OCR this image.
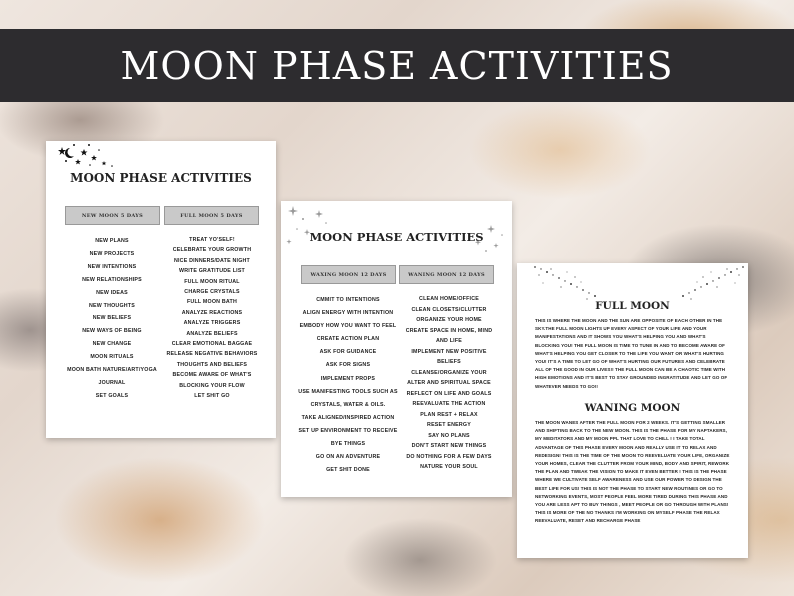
MOON PHASE ACTIVITIES
MOON PHASE ACTIVITIES
NEW MOON 5 DAYS	FULL MOON 5 DAYS
NEW PLANS
NEW PROJECTS
NEW INTENTIONS
NEW RELATIONSHIPS
NEW IDEAS
NEW THOUGHTS
NEW BELIEFS
NEW WAYS OF BEING
NEW CHANGE
MOON RITUALS
MOON BATH NATURE/ART/YOGA
JOURNAL
SET GOALS
TREAT YO'SELF!
CELEBRATE YOUR GROWTH
NICE DINNERS/DATE NIGHT
WRITE GRATITUDE LIST
FULL MOON RITUAL
CHARGE CRYSTALS
FULL MOON BATH
ANALYZE REACTIONS
ANALYZE TRIGGERS
ANALYZE BELIEFS
CLEAR EMOTIONAL BAGGAE
RELEASE NEGATIVE BEHAVIORS
THOUGHTS AND BELIEFS
BECOME AWARE OF WHAT'S
BLOCKING YOUR FLOW
LET SHIT GO
MOON PHASE ACTIVITIES
WAXING MOON 12 DAYS	WANING MOON 12 DAYS
CMMIT TO INTENTIONS
ALIGN ENERGY WITH INTENTION
EMBODY HOW YOU WANT TO FEEL
CREATE ACTION PLAN
ASK FOR GUIDANCE
ASK FOR SIGNS
IMPLEMENT PROPS
USE MANIFESTING TOOLS SUCH AS
CRYSTALS, WATER & OILS.
TAKE ALIGNED/INSPIRED ACTION
SET UP ENVIRONMENT TO RECEIVE
BYE THINGS
GO ON AN ADVENTURE
GET SHIT DONE
CLEAN HOME/OFFICE
CLEAN CLOSETS/CLUTTER
ORGANIZE YOUR HOME
CREATE SPACE IN HOME, MIND
AND LIFE
IMPLEMENT NEW POSITIVE
BELIEFS
CLEANSE/ORGANIZE YOUR
ALTER AND SPIRITUAL SPACE
REFLECT ON LIFE AND GOALS
REEVALUATE THE ACTION
PLAN REST + RELAX
RESET ENERGY
SAY NO PLANS
DON'T START NEW THINGS
DO NOTHING FOR A FEW DAYS
NATURE YOUR SOUL
FULL MOON
THIS IS WHERE THE MOON AND THE SUN ARE OPPOSITE OF EACH OTHER IN THE SKY.THE FULL MOON LIGHTS UP EVERY ASPECT OF YOUR LIFE AND YOUR MANIFESTATIONS AND IT SHOWS YOU WHAT'S HELPING YOU AND WHAT'S BLOCKING YOU! THE FULL MOON IS TIME TO TUNE IN AND TO BECOME AWARE OF WHAT'S HELPING YOU GET CLOSER TO THE LIFE YOU WANT OR WHAT'S HURTING YOU! IT'S A TIME TO LET GO OF WHAT'S HURTING OUR FUTURES AND CELEBRATE ALL OF THE GOOD IN OUR LIVES!! THE FULL MOON CAN BE A CHAOTIC TIME WITH HIGH EMOTIONS AND IT'S BEST TO STAY GROUNDED INGRATITUDE AND LET GO OF WHATEVER NEEDS TO GO!!
WANING MOON
THE MOON WANES AFTER THE FULL MOON FOR 2 WEEKS. IT'S GETTING SMALLER AND SHIFTING BACK TO THE NEW MOON. THIS IS THE PHASE FOR MY NAPTAKERS, MY MEDITATORS AND MY MOON PPL THAT LOVE TO CHILL ! I TAKE TOTAL ADVANTAGE OF THIS PHASE EVERY MOON AND REALLY USE IT TO RELAX AND REDESIGN! THIS IS THE TIME OF THE MOON TO REEVELUATE YOUR LIFE, ORGANIZE YOUR HOMES, CLEAR THE CLUTTER FROM YOUR MIND, BODY AND SPIRIT, REWORK THE PLAN AND TWEAK THE VISION TO MAKE IT EVEN BETTER ! THIS IS THE PHASE WHERE WE CULTIVATE SELF AWARENESS AND USE OUR POWER TO DESIGN THE BEST LIFE FOR US! THIS IS NOT THE PHASE TO START NEW ROUTINES OR GO TO NETWORKING EVENTS, MOST PEOPLE FEEL MORE TIRED DURING THIS PHASE AND YOU ARE LESS APT TO BUY THINGS , MEET PEOPLE OR GO THROUGH WITH PLANS! THIS IS MORE OF THE NO THANKS I'M WORKING ON MYSELF PHASE THE RELAX REEVALUATE, RESET AND RECHARGE PHASE
